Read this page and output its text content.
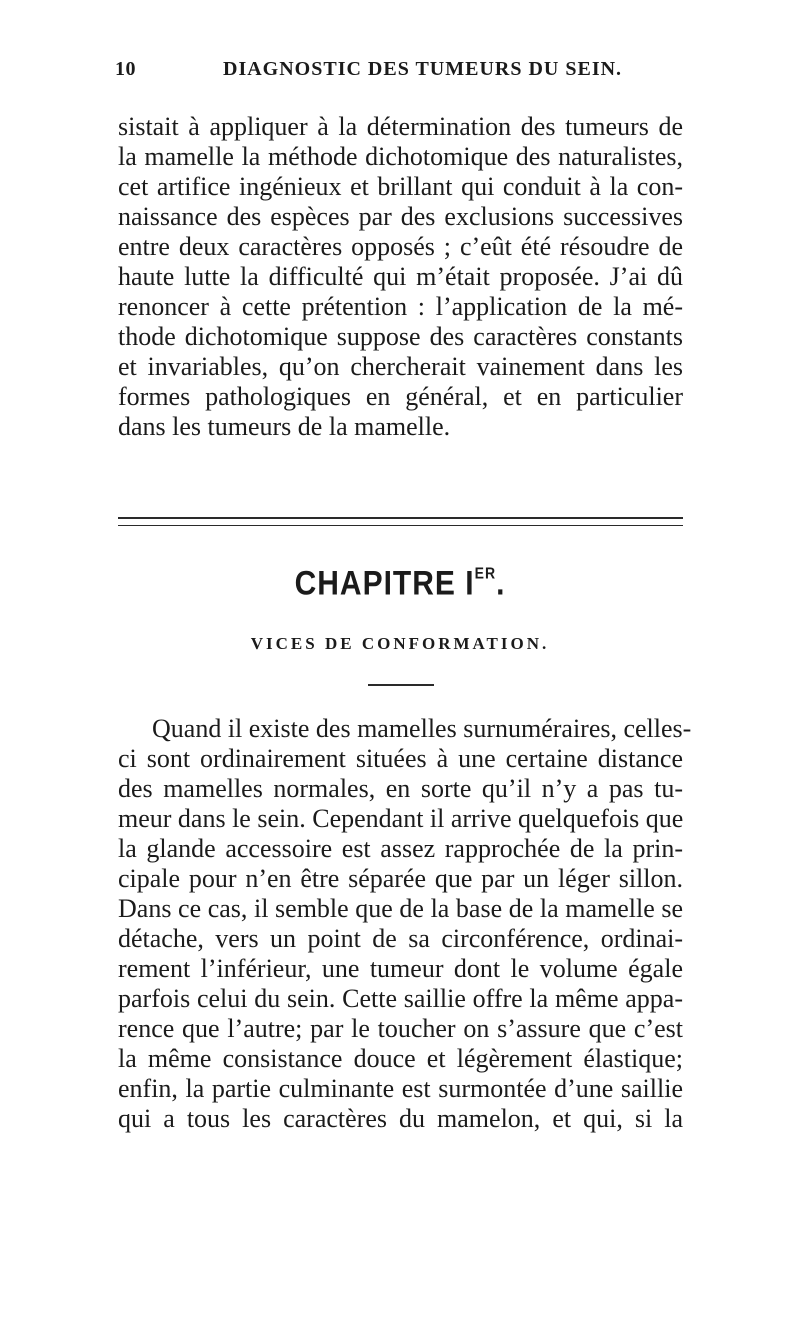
10	DIAGNOSTIC DES TUMEURS DU SEIN.
sistait à appliquer à la détermination des tumeurs de
la mamelle la méthode dichotomique des naturalistes,
cet artifice ingénieux et brillant qui conduit à la con-
naissance des espèces par des exclusions successives
entre deux caractères opposés ; c’eût été résoudre de
haute lutte la difficulté qui m’était proposée. J’ai dû
renoncer à cette prétention : l’application de la mé-
thode dichotomique suppose des caractères constants
et invariables, qu’on chercherait vainement dans les
formes pathologiques en général, et en particulier
dans les tumeurs de la mamelle.
CHAPITRE IER.
VICES DE CONFORMATION.
Quand il existe des mamelles surnuméraires, celles-
ci sont ordinairement situées à une certaine distance
des mamelles normales, en sorte qu’il n’y a pas tu-
meur dans le sein. Cependant il arrive quelquefois que
la glande accessoire est assez rapprochée de la prin-
cipale pour n’en être séparée que par un léger sillon.
Dans ce cas, il semble que de la base de la mamelle se
détache, vers un point de sa circonférence, ordinai-
rement l’inférieur, une tumeur dont le volume égale
parfois celui du sein. Cette saillie offre la même appa-
rence que l’autre; par le toucher on s’assure que c’est
la même consistance douce et légèrement élastique;
enfin, la partie culminante est surmontée d’une saillie
qui a tous les caractères du mamelon, et qui, si la
